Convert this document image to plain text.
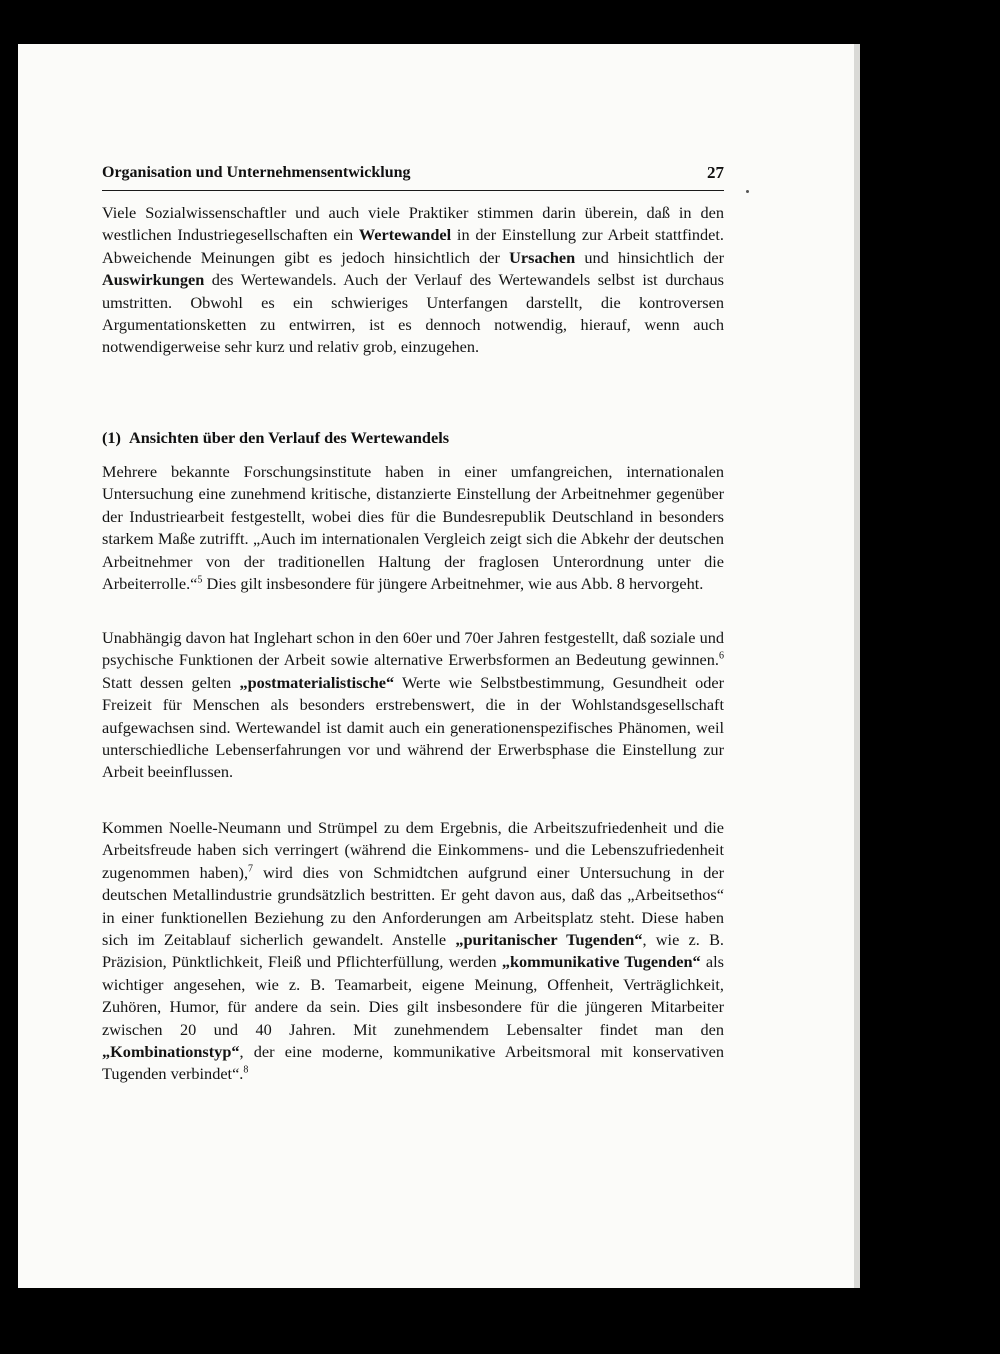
Organisation und Unternehmensentwicklung	27

Viele Sozialwissenschaftler und auch viele Praktiker stimmen darin überein, daß in den westlichen Industriegesellschaften ein Wertewandel in der Einstellung zur Arbeit stattfindet. Abweichende Meinungen gibt es jedoch hinsichtlich der Ursachen und hinsichtlich der Auswirkungen des Wertewandels. Auch der Verlauf des Wertewandels selbst ist durchaus umstritten. Obwohl es ein schwieriges Unterfangen darstellt, die kontroversen Argumentationsketten zu entwirren, ist es dennoch notwendig, hierauf, wenn auch notwendigerweise sehr kurz und relativ grob, einzugehen.

(1) Ansichten über den Verlauf des Wertewandels

Mehrere bekannte Forschungsinstitute haben in einer umfangreichen, internationalen Untersuchung eine zunehmend kritische, distanzierte Einstellung der Arbeitnehmer gegenüber der Industriearbeit festgestellt, wobei dies für die Bundesrepublik Deutschland in besonders starkem Maße zutrifft. „Auch im internationalen Vergleich zeigt sich die Abkehr der deutschen Arbeitnehmer von der traditionellen Haltung der fraglosen Unterordnung unter die Arbeiterrolle.“$^5$ Dies gilt insbesondere für jüngere Arbeitnehmer, wie aus Abb. 8 hervorgeht.

Unabhängig davon hat Inglehart schon in den 60er und 70er Jahren festgestellt, daß soziale und psychische Funktionen der Arbeit sowie alternative Erwerbsformen an Bedeutung gewinnen.$^6$ Statt dessen gelten „postmaterialistische“ Werte wie Selbstbestimmung, Gesundheit oder Freizeit für Menschen als besonders erstrebenswert, die in der Wohlstandsgesellschaft aufgewachsen sind. Wertewandel ist damit auch ein generationenspezifisches Phänomen, weil unterschiedliche Lebenserfahrungen vor und während der Erwerbsphase die Einstellung zur Arbeit beeinflussen.

Kommen Noelle-Neumann und Strümpel zu dem Ergebnis, die Arbeitszufriedenheit und die Arbeitsfreude haben sich verringert (während die Einkommens- und die Lebenszufriedenheit zugenommen haben),$^7$ wird dies von Schmidtchen aufgrund einer Untersuchung in der deutschen Metallindustrie grundsätzlich bestritten. Er geht davon aus, daß das „Arbeitsethos“ in einer funktionellen Beziehung zu den Anforderungen am Arbeitsplatz steht. Diese haben sich im Zeitablauf sicherlich gewandelt. Anstelle „puritanischer Tugenden“, wie z. B. Präzision, Pünktlichkeit, Fleiß und Pflichterfüllung, werden „kommunikative Tugenden“ als wichtiger angesehen, wie z. B. Teamarbeit, eigene Meinung, Offenheit, Verträglichkeit, Zuhören, Humor, für andere da sein. Dies gilt insbesondere für die jüngeren Mitarbeiter zwischen 20 und 40 Jahren. Mit zunehmendem Lebensalter findet man den „Kombinationstyp“, der eine moderne, kommunikative Arbeitsmoral mit konservativen Tugenden verbindet“.$^8$
